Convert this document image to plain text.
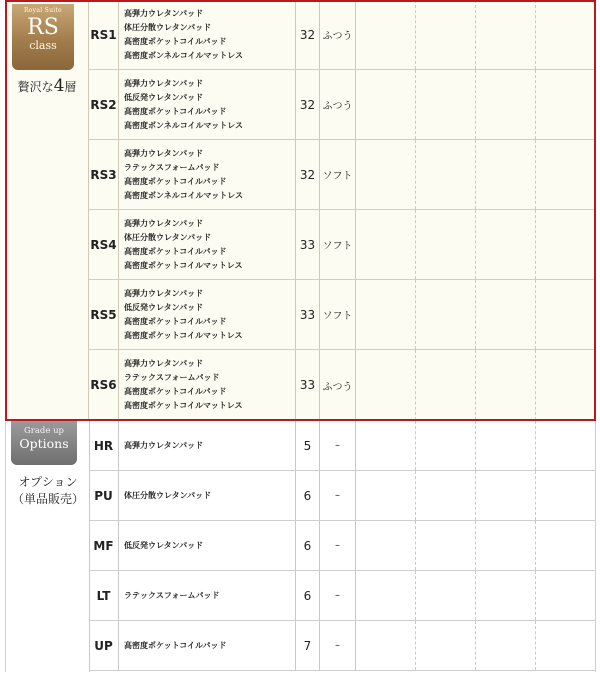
Royal Suite
RS
class
贅沢な4層
RS1
高弾力ウレタンパッド
体圧分散ウレタンパッド
高密度ポケットコイルパッド
高密度ボンネルコイルマットレス
32 ふつう
RS2
高弾力ウレタンパッド
低反発ウレタンパッド
高密度ポケットコイルパッド
高密度ボンネルコイルマットレス
32 ふつう
RS3
高弾力ウレタンパッド
ラテックスフォームパッド
高密度ポケットコイルパッド
高密度ボンネルコイルマットレス
32 ソフト
RS4
高弾力ウレタンパッド
体圧分散ウレタンパッド
高密度ポケットコイルパッド
高密度ポケットコイルマットレス
33 ソフト
RS5
高弾力ウレタンパッド
低反発ウレタンパッド
高密度ポケットコイルパッド
高密度ポケットコイルマットレス
33 ソフト
RS6
高弾力ウレタンパッド
ラテックスフォームパッド
高密度ポケットコイルパッド
高密度ポケットコイルマットレス
33 ふつう
Grade up
Options
オプション
（単品販売）
HR	高弾力ウレタンパッド	5	–
PU	体圧分散ウレタンパッド	6	–
MF	低反発ウレタンパッド	6	–
LT	ラテックスフォームパッド	6	–
UP	高密度ポケットコイルパッド	7	–
